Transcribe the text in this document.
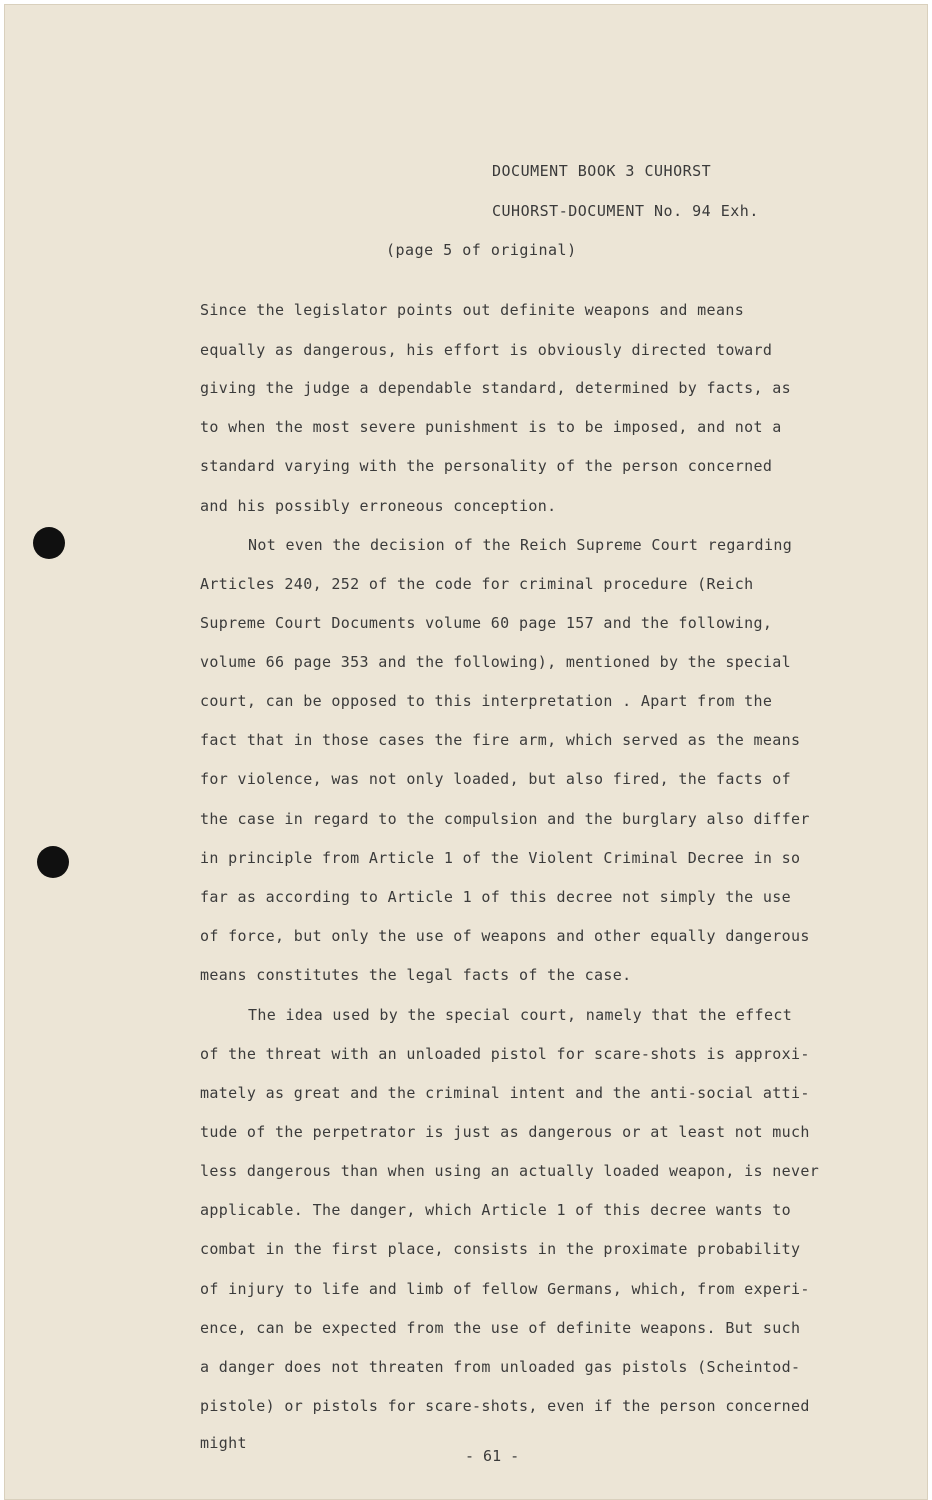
DOCUMENT BOOK 3 CUHORST
CUHORST-DOCUMENT No. 94 Exh.
(page 5 of original)
Since the legislator points out definite weapons and means
equally as dangerous, his effort is obviously directed toward
giving the judge a dependable standard, determined by facts, as
to when the most severe punishment is to be imposed, and not a
standard varying with the personality of the person concerned
and his possibly erroneous conception.
Not even the decision of the Reich Supreme Court regarding
Articles 240, 252 of the code for criminal procedure (Reich
Supreme Court Documents volume 60 page 157 and the following,
volume 66 page 353 and the following), mentioned by the special
court, can be opposed to this interpretation . Apart from the
fact that in those cases the fire arm, which served as the means
for violence, was not only loaded, but also fired, the facts of
the case in regard to the compulsion and the burglary also differ
in principle from Article 1 of the Violent Criminal Decree in so
far as according to Article 1 of this decree not simply the use
of force, but only the use of weapons and other equally dangerous
means constitutes the legal facts of the case.
The idea used by the special court, namely that the effect
of the threat with an unloaded pistol for scare-shots is approxi-
mately as great and the criminal intent and the anti-social atti-
tude of the perpetrator is just as dangerous or at least not much
less dangerous than when using an actually loaded weapon, is never
applicable. The danger, which Article 1 of this decree wants to
combat in the first place, consists in the proximate probability
of injury to life and limb of fellow Germans, which, from experi-
ence, can be expected from the use of definite weapons. But such
a danger does not threaten from unloaded gas pistols (Scheintod-
pistole) or pistols for scare-shots, even if the person concerned
might
- 61 -
